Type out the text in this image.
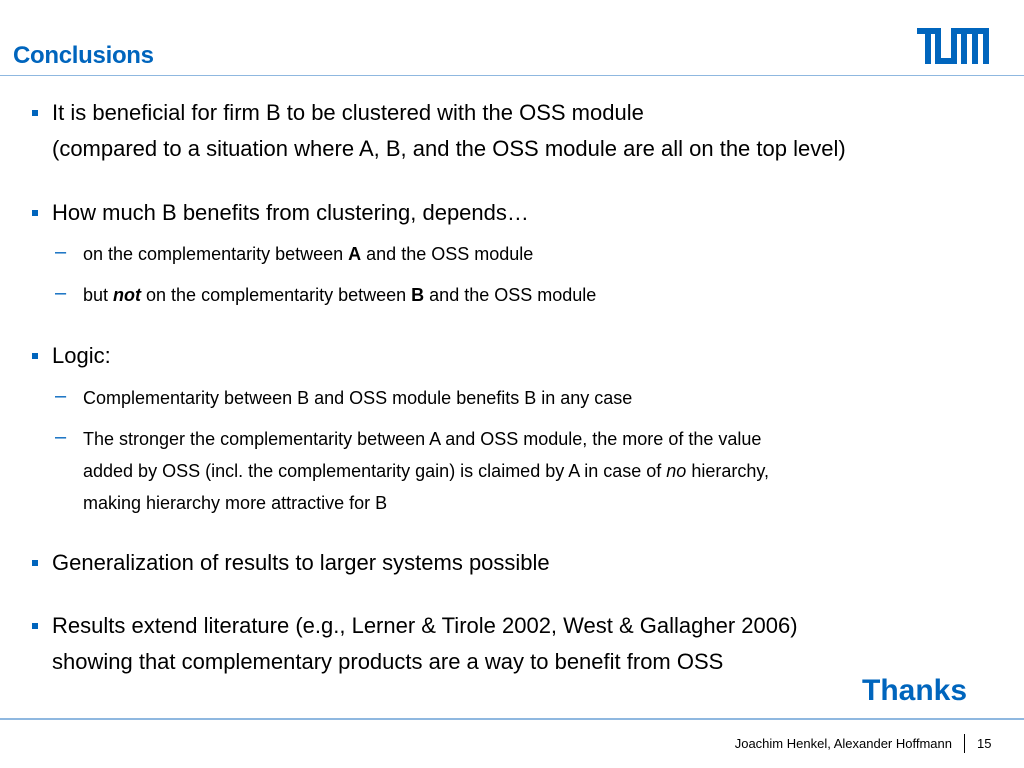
Conclusions
It is beneficial for firm B to be clustered with the OSS module
(compared to a situation where A, B, and the OSS module are all on the top level)
How much B benefits from clustering, depends…
– on the complementarity between A and the OSS module
– but not on the complementarity between B and the OSS module
Logic:
– Complementarity between B and OSS module benefits B in any case
– The stronger the complementarity between A and OSS module, the more of the value
added by OSS (incl. the complementarity gain) is claimed by A in case of no hierarchy,
making hierarchy more attractive for B
Generalization of results to larger systems possible
Results extend literature (e.g., Lerner & Tirole 2002, West & Gallagher 2006)
showing that complementary products are a way to benefit from OSS
Thanks
Joachim Henkel, Alexander Hoffmann 15
